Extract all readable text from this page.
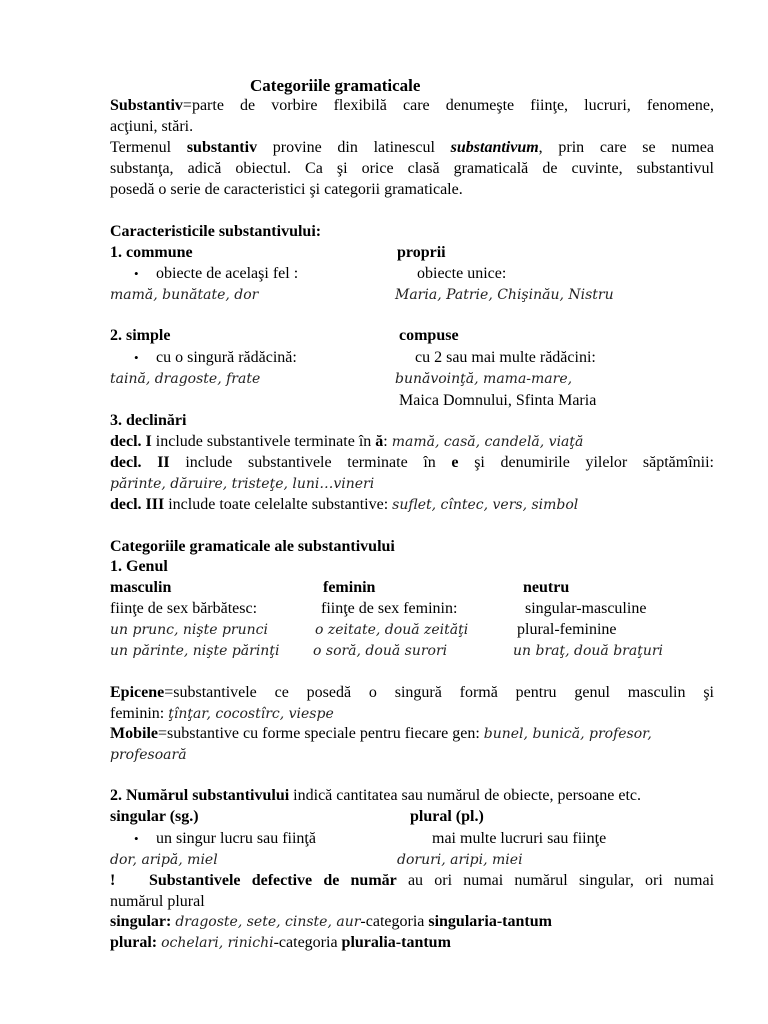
Categoriile gramaticale
Substantiv=parte de vorbire flexibilă care denumeşte fiinţe, lucruri, fenomene,
acţiuni, stări.
Termenul substantiv provine din latinescul substantivum, prin care se numea
substanţa, adică obiectul. Ca şi orice clasă gramaticală de cuvinte, substantivul
posedă o serie de caracteristici şi categorii gramaticale.
Caracteristicile substantivului:
1. commune	proprii
• obiecte de acelaşi fel :	obiecte unice:
mamă, bunătate, dor	Maria, Patrie, Chişinău, Nistru
2. simple	compuse
• cu o singură rădăcină:	cu 2 sau mai multe rădăcini:
taină, dragoste, frate	bunăvoinţă, mama-mare,
Maica Domnului, Sfinta Maria
3. declinări
decl. I include substantivele terminate în ă: mamă, casă, candelă, viaţă
decl. II include substantivele terminate în e şi denumirile yilelor săptămînii:
părinte, dăruire, tristeţe, luni…vineri
decl. III include toate celelalte substantive: suflet, cîntec, vers, simbol
Categoriile gramaticale ale substantivului
1. Genul
masculin	feminin	neutru
fiinţe de sex bărbătesc:	fiinţe de sex feminin:	singular-masculine
un prunc, nişte prunci	o zeitate, două zeităţi	plural-feminine
un părinte, nişte părinţi o soră, două surori	un braţ, două braţuri
Epicene=substantivele ce posedă o singură formă pentru genul masculin şi
feminin: ţînţar, cocostîrc, viespe
Mobile=substantive cu forme speciale pentru fiecare gen: bunel, bunică, profesor,
profesoară
2. Numărul substantivului indică cantitatea sau numărul de obiecte, persoane etc.
singular (sg.)	plural (pl.)
• un singur lucru sau fiinţă	mai multe lucruri sau fiinţe
dor, aripă, miel	doruri, aripi, miei
! Substantivele defective de număr au ori numai numărul singular, ori numai
numărul plural
singular: dragoste, sete, cinste, aur-categoria singularia-tantum
plural: ochelari, rinichi-categoria pluralia-tantum
